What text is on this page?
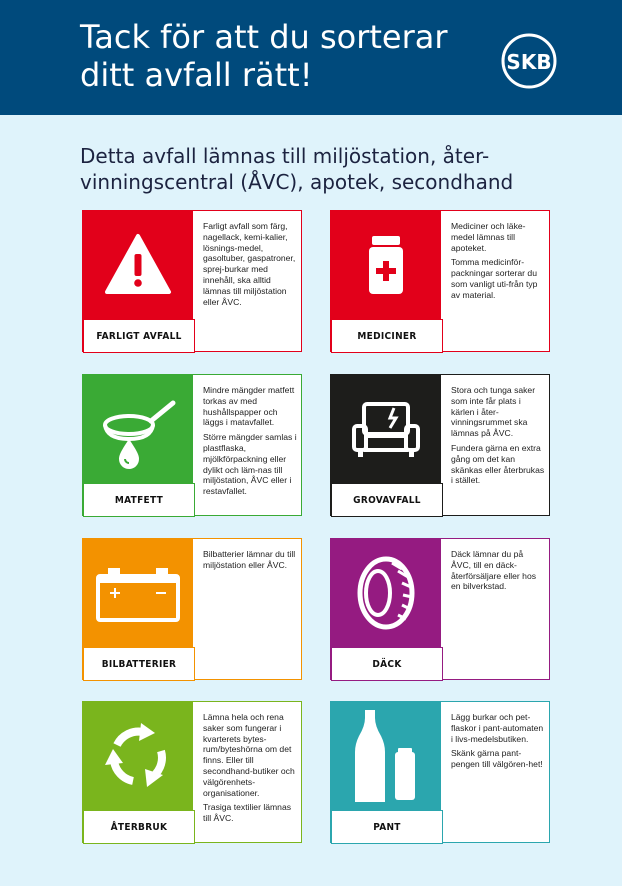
Tack för att du sorterar
ditt avfall rätt!	SKB
Detta avfall lämnas till miljöstation, åter-
vinningscentral (ÅVC), apotek, secondhand
FARLIGT AVFALL

Farligt avfall som färg, nagellack, kemi-kalier, lösnings-medel, gasoltuber, gaspatroner, sprej-burkar med innehåll, ska alltid lämnas till miljöstation eller ÅVC.

MEDICINER

Mediciner och läke-medel lämnas till apoteket.

Tomma medicinför-packningar sorterar du som vanligt uti-från typ av material.

MATFETT

Mindre mängder matfett torkas av med hushållspapper och läggs i matavfallet.

Större mängder samlas i plastflaska, mjölkförpackning eller dylikt och läm-nas till miljöstation, ÅVC eller i restavfallet.

GROVAVFALL

Stora och tunga saker som inte får plats i kärlen i åter-vinningsrummet ska lämnas på ÅVC.

Fundera gärna en extra gång om det kan skänkas eller återbrukas i stället.

BILBATTERIER

Bilbatterier lämnar du till miljöstation eller ÅVC.

DÄCK

Däck lämnar du på ÅVC, till en däck-återförsäljare eller hos en bilverkstad.

ÅTERBRUK

Lämna hela och rena saker som fungerar i kvarterets bytes-rum/byteshörna om det finns. Eller till secondhand-butiker och välgörenhets-organisationer.

Trasiga textilier lämnas till ÅVC.

PANT

Lägg burkar och pet-flaskor i pant-automaten i livs-medelsbutiken.

Skänk gärna pant-pengen till välgören-het!
